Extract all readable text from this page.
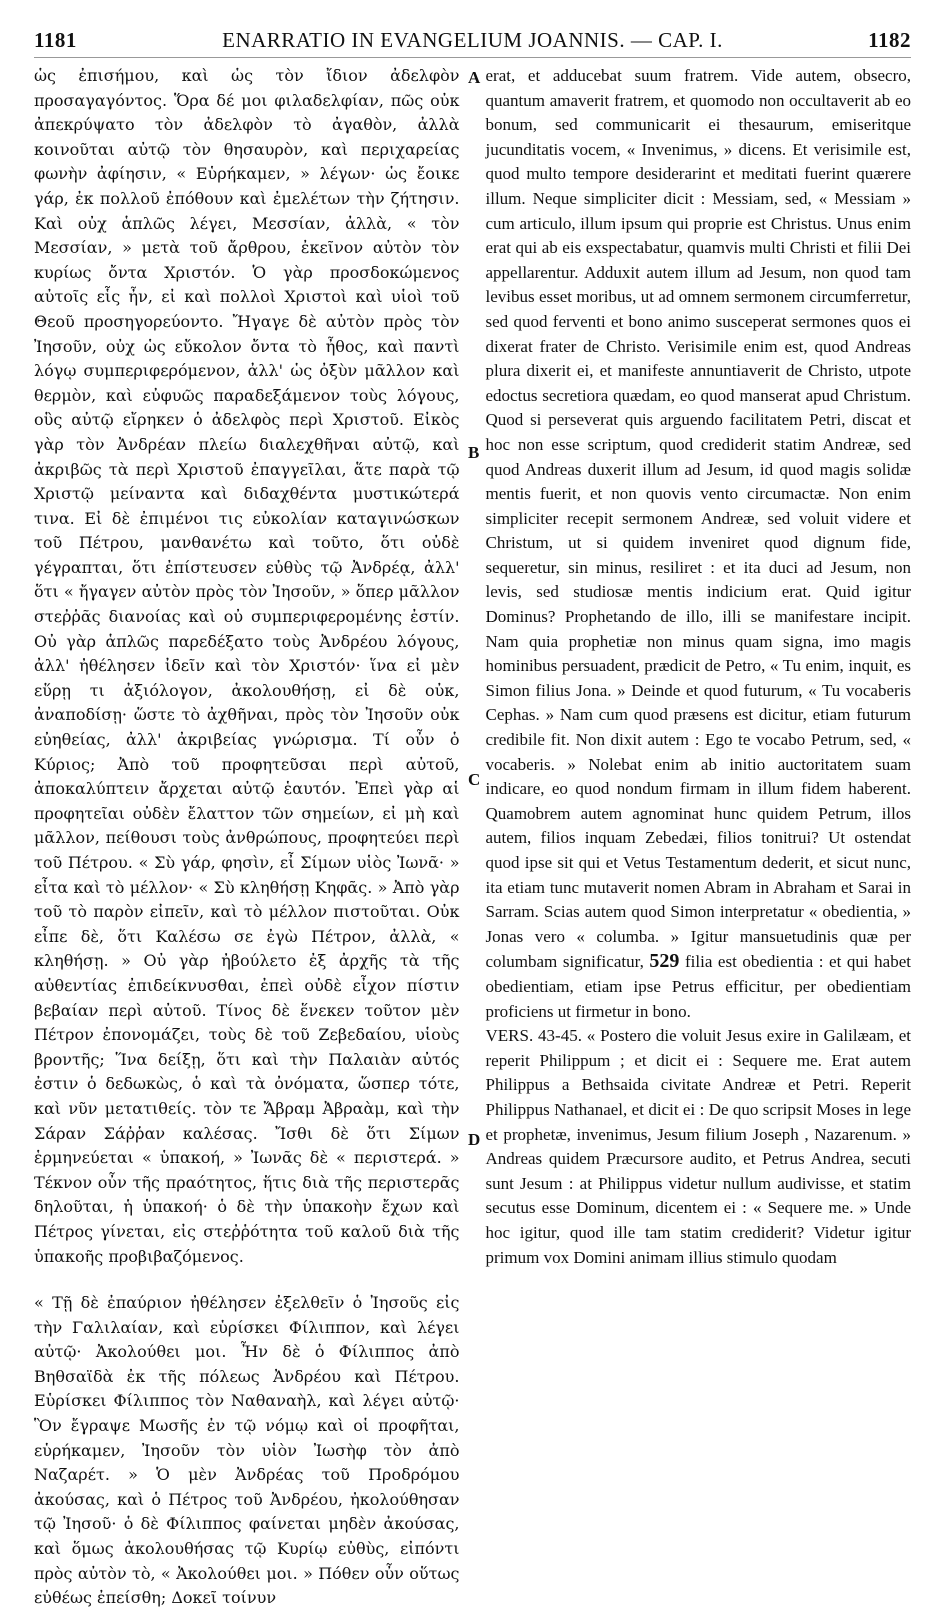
1181	ENARRATIO IN EVANGELIUM JOANNIS. — CAP. I.	1182

ὡς ἐπισήμου, καὶ ὡς τὸν ἴδιον ἀδελφὸν προσαγαγόντος. Ὅρα δέ μοι φιλαδελφίαν, πῶς οὐκ ἀπεκρύψατο τὸν ἀδελφὸν τὸ ἀγαθὸν, ἀλλὰ κοινοῦται αὐτῷ τὸν θησαυρὸν, καὶ περιχαρείας φωνὴν ἀφίησιν, « Εὑρήκαμεν, » λέγων· ὡς ἔοικε γάρ, ἐκ πολλοῦ ἐπόθουν καὶ ἐμελέτων τὴν ζήτησιν. Καὶ οὐχ ἁπλῶς λέγει, Μεσσίαν, ἀλλὰ, « τὸν Μεσσίαν, » μετὰ τοῦ ἄρθρου, ἐκεῖνον αὐτὸν τὸν κυρίως ὄντα Χριστόν. Ὁ γὰρ προσδοκώμενος αὐτοῖς εἷς ἦν, εἰ καὶ πολλοὶ Χριστοὶ καὶ υἱοὶ τοῦ Θεοῦ προσηγορεύοντο. Ἤγαγε δὲ αὐτὸν πρὸς τὸν Ἰησοῦν, οὐχ ὡς εὔκολον ὄντα τὸ ἦθος, καὶ παντὶ λόγῳ συμπεριφερόμενον, ἀλλ' ὡς ὀξὺν μᾶλλον καὶ θερμὸν, καὶ εὐφυῶς παραδεξάμενον τοὺς λόγους, οὓς αὐτῷ εἴρηκεν ὁ ἀδελφὸς περὶ Χριστοῦ. Εἰκὸς γὰρ τὸν Ἀνδρέαν πλείω διαλεχθῆναι αὐτῷ, καὶ ἀκριβῶς τὰ περὶ Χριστοῦ ἐπαγγεῖλαι, ἅτε παρὰ τῷ Χριστῷ μείναντα καὶ διδαχθέντα μυστικώτερά τινα. Εἰ δὲ ἐπιμένοι τις εὐκολίαν καταγινώσκων τοῦ Πέτρου, μανθανέτω καὶ τοῦτο, ὅτι οὐδὲ γέγραπται, ὅτι ἐπίστευσεν εὐθὺς τῷ Ἀνδρέᾳ, ἀλλ' ὅτι « ἤγαγεν αὐτὸν πρὸς τὸν Ἰησοῦν, » ὅπερ μᾶλλον στεῤῥᾶς διανοίας καὶ οὐ συμπεριφερομένης ἐστίν. Οὐ γὰρ ἁπλῶς παρεδέξατο τοὺς Ἀνδρέου λόγους, ἀλλ' ἠθέλησεν ἰδεῖν καὶ τὸν Χριστόν· ἵνα εἰ μὲν εὕρῃ τι ἀξιόλογον, ἀκολουθήσῃ, εἰ δὲ οὐκ, ἀναποδίσῃ· ὥστε τὸ ἀχθῆναι, πρὸς τὸν Ἰησοῦν οὐκ εὐηθείας, ἀλλ' ἀκριβείας γνώρισμα. Τί οὖν ὁ Κύριος; Ἀπὸ τοῦ προφητεῦσαι περὶ αὐτοῦ, ἀποκαλύπτειν ἄρχεται αὐτῷ ἑαυτόν. Ἐπεὶ γὰρ αἱ προφητεῖαι οὐδὲν ἔλαττον τῶν σημείων, εἰ μὴ καὶ μᾶλλον, πείθουσι τοὺς ἀνθρώπους, προφητεύει περὶ τοῦ Πέτρου. « Σὺ γάρ, φησὶν, εἶ Σίμων υἱὸς Ἰωνᾶ· » εἶτα καὶ τὸ μέλλον· « Σὺ κληθήσῃ Κηφᾶς. » Ἀπὸ γὰρ τοῦ τὸ παρὸν εἰπεῖν, καὶ τὸ μέλλον πιστοῦται. Οὐκ εἶπε δὲ, ὅτι Καλέσω σε ἐγὼ Πέτρον, ἀλλὰ, « κληθήσῃ. » Οὐ γὰρ ἠβούλετο ἐξ ἀρχῆς τὰ τῆς αὐθεντίας ἐπιδείκνυσθαι, ἐπεὶ οὐδὲ εἶχον πίστιν βεβαίαν περὶ αὐτοῦ. Τίνος δὲ ἕνεκεν τοῦτον μὲν Πέτρον ἐπονομάζει, τοὺς δὲ τοῦ Ζεβεδαίου, υἱοὺς βροντῆς; Ἵνα δείξῃ, ὅτι καὶ τὴν Παλαιὰν αὐτός ἐστιν ὁ δεδωκὼς, ὁ καὶ τὰ ὀνόματα, ὥσπερ τότε, καὶ νῦν μετατιθείς. τὸν τε Ἄβραμ Ἀβραὰμ, καὶ τὴν Σάραν Σάῤῥαν καλέσας. Ἴσθι δὲ ὅτι Σίμων ἑρμηνεύεται « ὑπακοή, » Ἰωνᾶς δὲ « περιστερά. » Τέκνον οὖν τῆς πραότητος, ἥτις διὰ τῆς περιστερᾶς δηλοῦται, ἡ ὑπακοή· ὁ δὲ τὴν ὑπακοὴν ἔχων καὶ Πέτρος γίνεται, εἰς στεῤῥότητα τοῦ καλοῦ διὰ τῆς ὑπακοῆς προβιβαζόμενος.

« Τῇ δὲ ἐπαύριον ἠθέλησεν ἐξελθεῖν ὁ Ἰησοῦς εἰς τὴν Γαλιλαίαν, καὶ εὑρίσκει Φίλιππον, καὶ λέγει αὐτῷ· Ἀκολούθει μοι. Ἦν δὲ ὁ Φίλιππος ἀπὸ Βηθσαϊδὰ ἐκ τῆς πόλεως Ἀνδρέου καὶ Πέτρου. Εὑρίσκει Φίλιππος τὸν Ναθαναὴλ, καὶ λέγει αὐτῷ· Ὃν ἔγραψε Μωσῆς ἐν τῷ νόμῳ καὶ οἱ προφῆται, εὑρήκαμεν, Ἰησοῦν τὸν υἱὸν Ἰωσὴφ τὸν ἀπὸ Ναζαρέτ. » Ὁ μὲν Ἀνδρέας τοῦ Προδρόμου ἀκούσας, καὶ ὁ Πέτρος τοῦ Ἀνδρέου, ἠκολούθησαν τῷ Ἰησοῦ· ὁ δὲ Φίλιππος φαίνεται μηδὲν ἀκούσας, καὶ ὅμως ἀκολουθήσας τῷ Κυρίῳ εὐθὺς, εἰπόντι πρὸς αὐτὸν τὸ, « Ἀκολούθει μοι. » Πόθεν οὖν οὕτως εὐθέως ἐπείσθη; Δοκεῖ τοίνυν

erat, et adducebat suum fratrem. Vide autem, obsecro, quantum amaverit fratrem, et quomodo non occultaverit ab eo bonum, sed communicarit ei thesaurum, emiseritque jucunditatis vocem, « Invenimus, » dicens. Et verisimile est, quod multo tempore desiderarint et meditati fuerint quærere illum. Neque simpliciter dicit : Messiam, sed, « Messiam » cum articulo, illum ipsum qui proprie est Christus. Unus enim erat qui ab eis exspectabatur, quamvis multi Christi et filii Dei appellarentur. Adduxit autem illum ad Jesum, non quod tam levibus esset moribus, ut ad omnem sermonem circumferretur, sed quod ferventi et bono animo susceperat sermones quos ei dixerat frater de Christo. Verisimile enim est, quod Andreas plura dixerit ei, et manifeste annuntiaverit de Christo, utpote edoctus secretiora quædam, eo quod manserat apud Christum. Quod si perseverat quis arguendo facilitatem Petri, discat et hoc non esse scriptum, quod crediderit statim Andreæ, sed quod Andreas duxerit illum ad Jesum, id quod magis solidæ mentis fuerit, et non quovis vento circumactæ. Non enim simpliciter recepit sermonem Andreæ, sed voluit videre et Christum, ut si quidem inveniret quod dignum fide, sequeretur, sin minus, resiliret : et ita duci ad Jesum, non levis, sed studiosæ mentis indicium erat. Quid igitur Dominus? Prophetando de illo, illi se manifestare incipit. Nam quia prophetiæ non minus quam signa, imo magis hominibus persuadent, prædicit de Petro, « Tu enim, inquit, es Simon filius Jona. » Deinde et quod futurum, « Tu vocaberis Cephas. » Nam cum quod præsens est dicitur, etiam futurum credibile fit. Non dixit autem : Ego te vocabo Petrum, sed, « vocaberis. » Nolebat enim ab initio auctoritatem suam indicare, eo quod nondum firmam in illum fidem haberent. Quamobrem autem agnominat hunc quidem Petrum, illos autem, filios inquam Zebedæi, filios tonitrui? Ut ostendat quod ipse sit qui et Vetus Testamentum dederit, et sicut nunc, ita etiam tunc mutaverit nomen Abram in Abraham et Sarai in Sarram. Scias autem quod Simon interpretatur « obedientia, » Jonas vero « columba. » Igitur mansuetudinis quæ per columbam significatur, 529 filia est obedientia : et qui habet obedientiam, etiam ipse Petrus efficitur, per obedientiam proficiens ut firmetur in bono.

VERS. 43-45. « Postero die voluit Jesus exire in Galilæam, et reperit Philippum ; et dicit ei : Sequere me. Erat autem Philippus a Bethsaida civitate Andreæ et Petri. Reperit Philippus Nathanael, et dicit ei : De quo scripsit Moses in lege et prophetæ, invenimus, Jesum filium Joseph , Nazarenum. » Andreas quidem Præcursore audito, et Petrus Andrea, secuti sunt Jesum : at Philippus videtur nullum audivisse, et statim secutus esse Dominum, dicentem ei : « Sequere me. » Unde hoc igitur, quod ille tam statim crediderit? Videtur igitur primum vox Domini animam illius stimulo quodam

A
B
C
D
